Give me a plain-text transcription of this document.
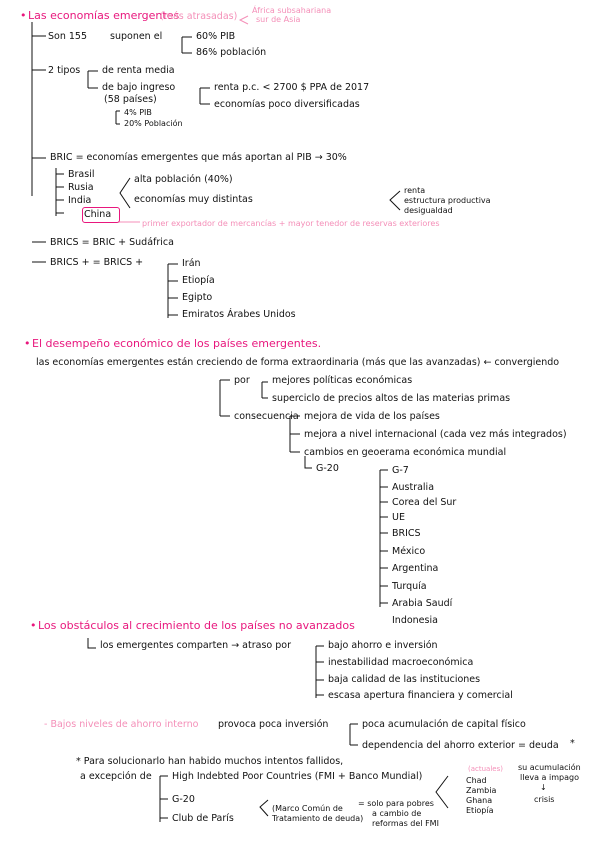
• Las economías emergentes
(más atrasadas)
África subsahariana
sur de Asia
Son 155 suponen el	60% PIB
86% población
2 tipos de renta media
de bajo ingreso
(58 países)
4% PIB
20% Población
renta p.c. < 2700 $ PPA de 2017
economías poco diversificadas
BRIC = economías emergentes que más aportan al PIB → 30%
Brasil
Rusia
India
China
alta población (40%)
economías muy distintas
renta
estructura productiva
desigualdad
primer exportador de mercancías + mayor tenedor de reservas exteriores
BRICS = BRIC + Sudáfrica
BRICS + = BRICS +	Irán
Etiopía
Egipto
Emiratos Árabes Unidos
• El desempeño económico de los países emergentes.
las economías emergentes están creciendo de forma extraordinaria (más que las avanzadas) ← convergiendo
por mejores políticas económicas
superciclo de precios altos de las materias primas
consecuencia mejora de vida de los países
mejora a nivel internacional (cada vez más integrados)
cambios en geoerama económica mundial
G-20	G-7
Australia
Corea del Sur
UE
BRICS
México
Argentina
Turquía
Arabia Saudí
Indonesia
• Los obstáculos al crecimiento de los países no avanzados
los emergentes comparten → atraso por	bajo ahorro e inversión
inestabilidad macroeconómica
baja calidad de las instituciones
escasa apertura financiera y comercial
- Bajos niveles de ahorro interno provoca poca inversión	poca acumulación de capital físico
dependencia del ahorro exterior = deuda *
* Para solucionarlo han habido muchos intentos fallidos,
a excepción de High Indebted Poor Countries (FMI + Banco Mundial)
G-20
Club de París
(Marco Común de
Tratamiento de deuda)
= solo para pobres
a cambio de
reformas del FMI
(actuales)
Chad
Zambia
Ghana
Etiopía
su acumulación
lleva a impago
↓
crisis
